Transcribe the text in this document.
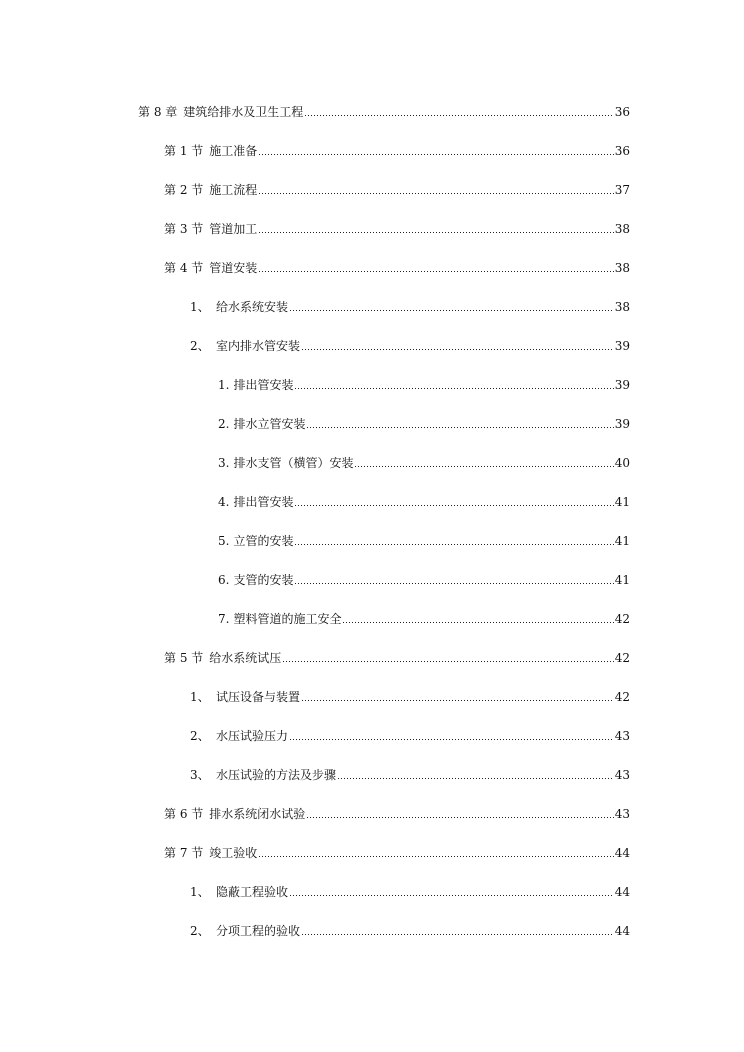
第 8 章 建筑给排水及卫生工程	36
第 1 节 施工准备	36
第 2 节 施工流程	37
第 3 节 管道加工	38
第 4 节 管道安装	38
1、 给水系统安装	38
2、 室内排水管安装	39
1. 排出管安装	39
2. 排水立管安装	39
3. 排水支管（横管）安装	40
4. 排出管安装	41
5. 立管的安装	41
6. 支管的安装	41
7. 塑料管道的施工安全	42
第 5 节 给水系统试压	42
1、 试压设备与装置	42
2、 水压试验压力	43
3、 水压试验的方法及步骤	43
第 6 节 排水系统闭水试验	43
第 7 节 竣工验收	44
1、 隐蔽工程验收	44
2、 分项工程的验收	44
